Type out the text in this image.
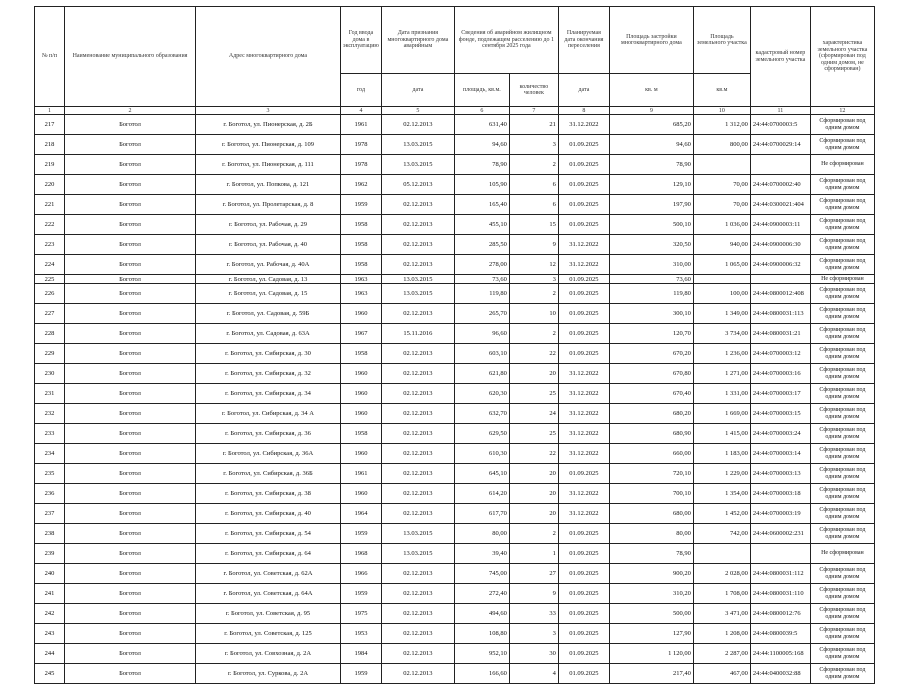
№ п/п	Наименование муниципального образования	Адрес многоквартирного дома	Год ввода дома в эксплуатацию	Дата признания многоквартирного дома аварийным	Сведения об аварийном жилищном фонде, подлежащем расселению до 1 сентября 2025 года		Планируемая дата окончания переселения	Площадь застройки многоквартирного дома	Площадь земельного участка	кадастровый номер земельного участка	характеристика земельного участка (сформирован под одним домом, не сформирован)
			год	дата	площадь, кв.м.	количество человек	дата	кв. м	кв.м		
1	2	3	4	5	6	7	8	9	10	11	12
217	Боготол	г. Боготол, ул. Пионерская, д. 2Б	1961	02.12.2013	631,40	21	31.12.2022	685,20	1 312,00	24:44:0700003:5	Сформирован под одним домом
218	Боготол	г. Боготол, ул. Пионерская, д. 109	1978	13.03.2015	94,60	3	01.09.2025	94,60	800,00	24:44:0700029:14	Сформирован под одним домом
219	Боготол	г. Боготол, ул. Пионерская, д. 111	1978	13.03.2015	78,90	2	01.09.2025	78,90			Не сформирован
220	Боготол	г. Боготол, ул. Попкова, д. 121	1962	05.12.2013	105,90	6	01.09.2025	129,10	70,00	24:44:0700002:40	Сформирован под одним домом
221	Боготол	г. Боготол, ул. Пролетарская, д. 8	1959	02.12.2013	165,40	6	01.09.2025	197,90	70,00	24:44:0300021:404	Сформирован под одним домом
222	Боготол	г. Боготол, ул. Рабочая, д. 29	1958	02.12.2013	455,10	15	01.09.2025	500,10	1 036,00	24:44:0900003:11	Сформирован под одним домом
223	Боготол	г. Боготол, ул. Рабочая, д. 40	1958	02.12.2013	285,50	9	31.12.2022	320,50	940,00	24:44:0900006:30	Сформирован под одним домом
224	Боготол	г. Боготол, ул. Рабочая, д. 40А	1958	02.12.2013	278,00	12	31.12.2022	310,00	1 065,00	24:44:0900006:32	Сформирован под одним домом
225	Боготол	г. Боготол, ул. Садовая, д. 13	1963	13.03.2015	73,60	3	01.09.2025	73,60			Не сформирован
226	Боготол	г. Боготол, ул. Садовая, д. 15	1963	13.03.2015	119,80	2	01.09.2025	119,80	100,00	24:44:0800012:408	Сформирован под одним домом
227	Боготол	г. Боготол, ул. Садовая, д. 59Б	1960	02.12.2013	265,70	10	01.09.2025	300,10	1 349,00	24:44:0800031:113	Сформирован под одним домом
228	Боготол	г. Боготол, ул. Садовая, д. 63А	1967	15.11.2016	96,60	2	01.09.2025	120,70	3 734,00	24:44:0800031:21	Сформирован под одним домом
229	Боготол	г. Боготол, ул. Сибирская, д. 30	1958	02.12.2013	603,10	22	01.09.2025	670,20	1 236,00	24:44:0700003:12	Сформирован под одним домом
230	Боготол	г. Боготол, ул. Сибирская, д. 32	1960	02.12.2013	621,80	20	31.12.2022	670,80	1 271,00	24:44:0700003:16	Сформирован под одним домом
231	Боготол	г. Боготол, ул. Сибирская, д. 34	1960	02.12.2013	620,30	25	31.12.2022	670,40	1 331,00	24:44:0700003:17	Сформирован под одним домом
232	Боготол	г. Боготол, ул. Сибирская, д. 34 А	1960	02.12.2013	632,70	24	31.12.2022	680,20	1 669,00	24:44:0700003:15	Сформирован под одним домом
233	Боготол	г. Боготол, ул. Сибирская, д. 36	1958	02.12.2013	629,50	25	31.12.2022	680,90	1 415,00	24:44:0700003:24	Сформирован под одним домом
234	Боготол	г. Боготол, ул. Сибирская, д. 36А	1960	02.12.2013	610,30	22	31.12.2022	660,00	1 183,00	24:44:0700003:14	Сформирован под одним домом
235	Боготол	г. Боготол, ул. Сибирская, д. 36Б	1961	02.12.2013	645,10	20	01.09.2025	720,10	1 229,00	24:44:0700003:13	Сформирован под одним домом
236	Боготол	г. Боготол, ул. Сибирская, д. 38	1960	02.12.2013	614,20	20	31.12.2022	700,10	1 354,00	24:44:0700003:18	Сформирован под одним домом
237	Боготол	г. Боготол, ул. Сибирская, д. 40	1964	02.12.2013	617,70	20	31.12.2022	680,00	1 452,00	24:44:0700003:19	Сформирован под одним домом
238	Боготол	г. Боготол, ул. Сибирская, д. 54	1959	13.03.2015	80,00	2	01.09.2025	80,00	742,00	24:44:0600002:231	Сформирован под одним домом
239	Боготол	г. Боготол, ул. Сибирская, д. 64	1968	13.03.2015	39,40	1	01.09.2025	78,90			Не сформирован
240	Боготол	г. Боготол, ул. Советская, д. 62А	1966	02.12.2013	745,00	27	01.09.2025	900,20	2 028,00	24:44:0800031:112	Сформирован под одним домом
241	Боготол	г. Боготол, ул. Советская, д. 64А	1959	02.12.2013	272,40	9	01.09.2025	310,20	1 708,00	24:44:0800031:110	Сформирован под одним домом
242	Боготол	г. Боготол, ул. Советская, д. 95	1975	02.12.2013	494,60	33	01.09.2025	500,00	3 471,00	24:44:0800012:76	Сформирован под одним домом
243	Боготол	г. Боготол, ул. Советская, д. 125	1953	02.12.2013	108,80	3	01.09.2025	127,90	1 208,00	24:44:0800039:5	Сформирован под одним домом
244	Боготол	г. Боготол, ул. Совхозная, д. 2А	1984	02.12.2013	952,10	30	01.09.2025	1 120,00	2 287,00	24:44:1100005:168	Сформирован под одним домом
245	Боготол	г. Боготол, ул. Суркова, д. 2А	1959	02.12.2013	166,60	4	01.09.2025	217,40	467,00	24:44:0400032:88	Сформирован под одним домом
